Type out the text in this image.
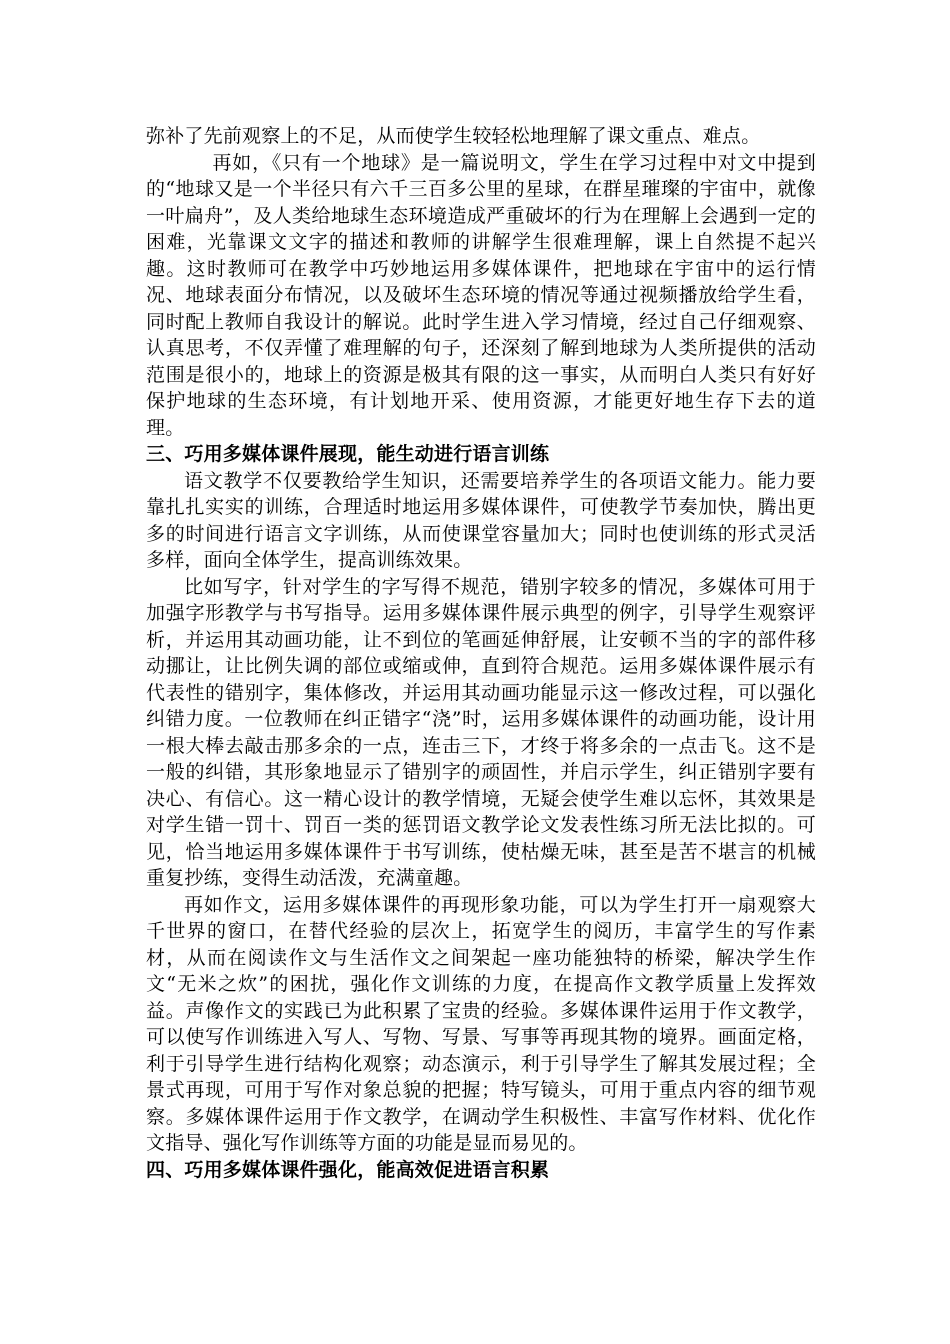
弥补了先前观察上的不足，从而使学生较轻松地理解了课文重点、难点。

再如，《只有一个地球》是一篇说明文，学生在学习过程中对文中提到的“地球又是一个半径只有六千三百多公里的星球，在群星璀璨的宇宙中，就像一叶扁舟”，及人类给地球生态环境造成严重破坏的行为在理解上会遇到一定的困难，光靠课文文字的描述和教师的讲解学生很难理解，课上自然提不起兴趣。这时教师可在教学中巧妙地运用多媒体课件，把地球在宇宙中的运行情况、地球表面分布情况，以及破坏生态环境的情况等通过视频播放给学生看，同时配上教师自我设计的解说。此时学生进入学习情境，经过自己仔细观察、认真思考，不仅弄懂了难理解的句子，还深刻了解到地球为人类所提供的活动范围是很小的，地球上的资源是极其有限的这一事实，从而明白人类只有好好保护地球的生态环境，有计划地开采、使用资源，才能更好地生存下去的道理。

三、巧用多媒体课件展现，能生动进行语言训练

语文教学不仅要教给学生知识，还需要培养学生的各项语文能力。能力要靠扎扎实实的训练，合理适时地运用多媒体课件，可使教学节奏加快，腾出更多的时间进行语言文字训练，从而使课堂容量加大；同时也使训练的形式灵活多样，面向全体学生，提高训练效果。

比如写字，针对学生的字写得不规范，错别字较多的情况，多媒体可用于加强字形教学与书写指导。运用多媒体课件展示典型的例字，引导学生观察评析，并运用其动画功能，让不到位的笔画延伸舒展，让安顿不当的字的部件移动挪让，让比例失调的部位或缩或伸，直到符合规范。运用多媒体课件展示有代表性的错别字，集体修改，并运用其动画功能显示这一修改过程，可以强化纠错力度。一位教师在纠正错字“浇”时，运用多媒体课件的动画功能，设计用一根大棒去敲击那多余的一点，连击三下，才终于将多余的一点击飞。这不是一般的纠错，其形象地显示了错别字的顽固性，并启示学生，纠正错别字要有决心、有信心。这一精心设计的教学情境，无疑会使学生难以忘怀，其效果是对学生错一罚十、罚百一类的惩罚语文教学论文发表性练习所无法比拟的。可见，恰当地运用多媒体课件于书写训练，使枯燥无味，甚至是苦不堪言的机械重复抄练，变得生动活泼，充满童趣。

再如作文，运用多媒体课件的再现形象功能，可以为学生打开一扇观察大千世界的窗口，在替代经验的层次上，拓宽学生的阅历，丰富学生的写作素材，从而在阅读作文与生活作文之间架起一座功能独特的桥梁，解决学生作文“无米之炊”的困扰，强化作文训练的力度，在提高作文教学质量上发挥效益。声像作文的实践已为此积累了宝贵的经验。多媒体课件运用于作文教学，可以使写作训练进入写人、写物、写景、写事等再现其物的境界。画面定格，利于引导学生进行结构化观察；动态演示，利于引导学生了解其发展过程；全景式再现，可用于写作对象总貌的把握；特写镜头，可用于重点内容的细节观察。多媒体课件运用于作文教学，在调动学生积极性、丰富写作材料、优化作文指导、强化写作训练等方面的功能是显而易见的。

四、巧用多媒体课件强化，能高效促进语言积累
